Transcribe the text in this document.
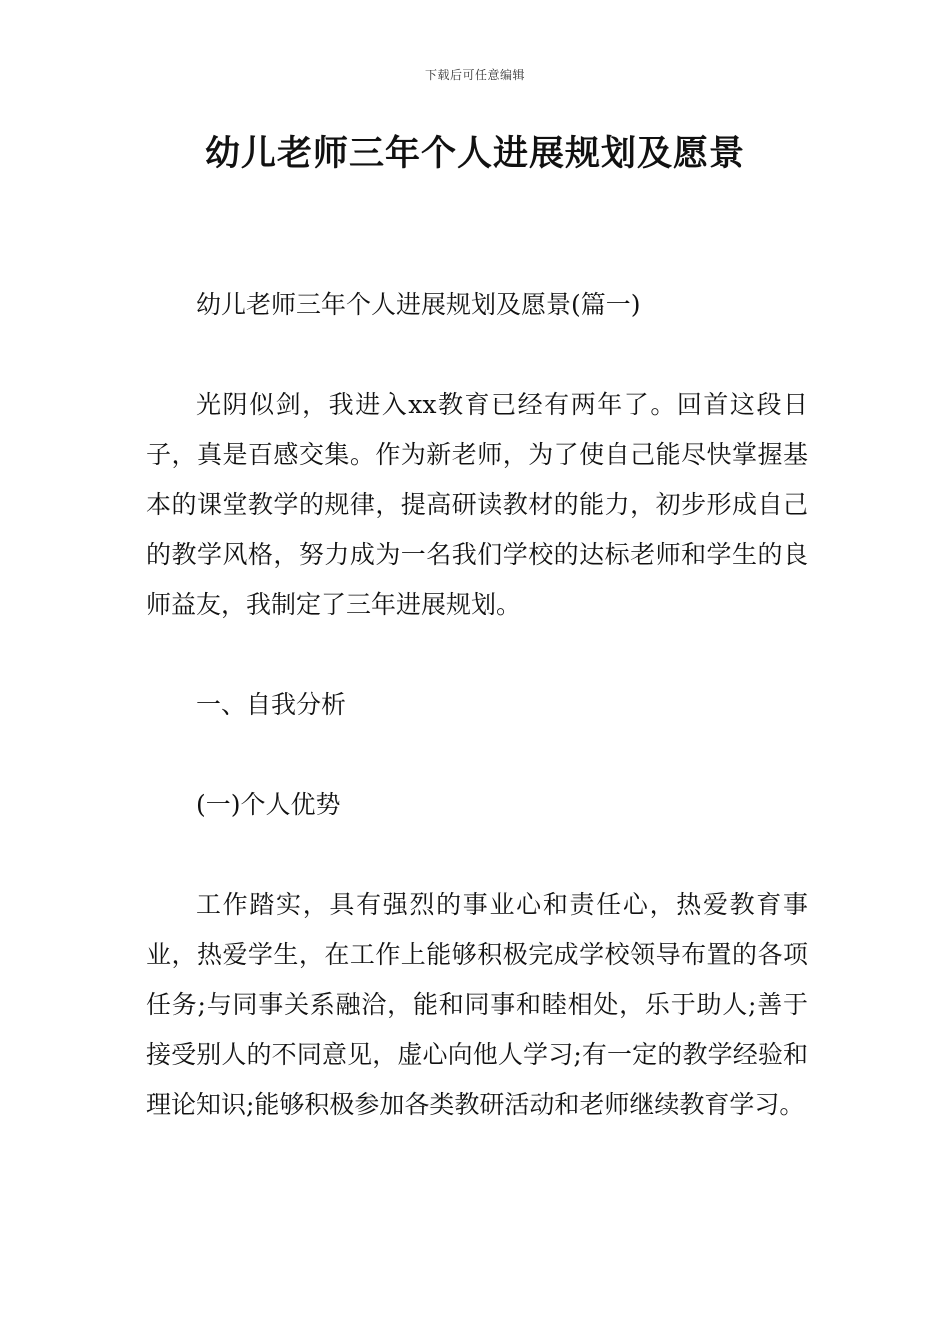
下载后可任意编辑
幼儿老师三年个人进展规划及愿景

幼儿老师三年个人进展规划及愿景(篇一)

光阴似剑，我进入xx教育已经有两年了。回首这段日子，真是百感交集。作为新老师，为了使自己能尽快掌握基本的课堂教学的规律，提高研读教材的能力，初步形成自己的教学风格，努力成为一名我们学校的达标老师和学生的良师益友，我制定了三年进展规划。

一、自我分析

(一)个人优势

工作踏实，具有强烈的事业心和责任心，热爱教育事业，热爱学生，在工作上能够积极完成学校领导布置的各项任务;与同事关系融洽，能和同事和睦相处，乐于助人;善于接受别人的不同意见，虚心向他人学习;有一定的教学经验和理论知识;能够积极参加各类教研活动和老师继续教育学习。
